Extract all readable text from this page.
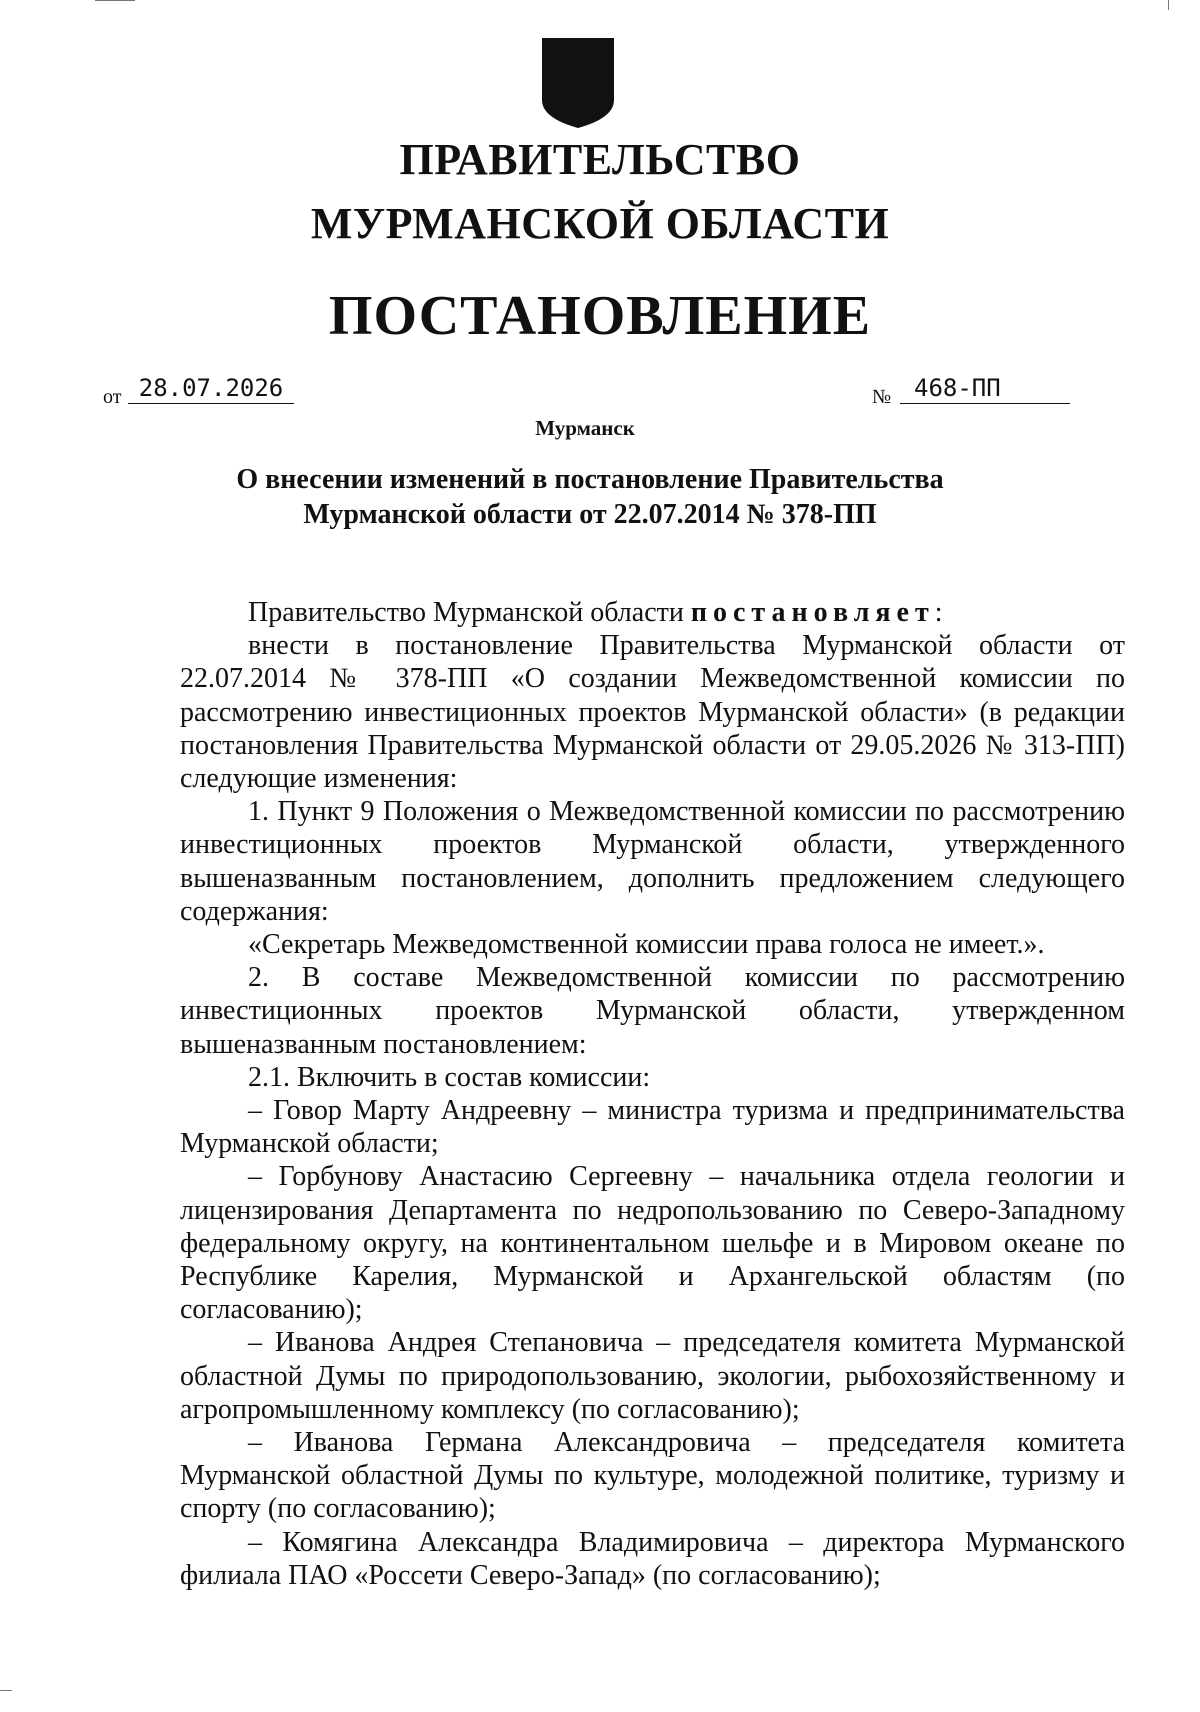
ПРАВИТЕЛЬСТВО
МУРМАНСКОЙ ОБЛАСТИ
ПОСТАНОВЛЕНИЕ
от 28.07.2026	№ 468-ПП
Мурманск
О внесении изменений в постановление Правительства
Мурманской области от 22.07.2014 № 378-ПП

Правительство Мурманской области постановляет:

внести в постановление Правительства Мурманской области от 22.07.2014 № 378-ПП «О создании Межведомственной комиссии по рассмотрению инвестиционных проектов Мурманской области» (в редакции постановления Правительства Мурманской области от 29.05.2026 № 313-ПП) следующие изменения:

1. Пункт 9 Положения о Межведомственной комиссии по рассмотрению инвестиционных проектов Мурманской области, утвержденного вышеназванным постановлением, дополнить предложением следующего содержания:

«Секретарь Межведомственной комиссии права голоса не имеет.».

2. В составе Межведомственной комиссии по рассмотрению инвестиционных проектов Мурманской области, утвержденном вышеназванным постановлением:

2.1. Включить в состав комиссии:

– Говор Марту Андреевну – министра туризма и предпринимательства Мурманской области;

– Горбунову Анастасию Сергеевну – начальника отдела геологии и лицензирования Департамента по недропользованию по Северо-Западному федеральному округу, на континентальном шельфе и в Мировом океане по Республике Карелия, Мурманской и Архангельской областям (по согласованию);

– Иванова Андрея Степановича – председателя комитета Мурманской областной Думы по природопользованию, экологии, рыбохозяйственному и агропромышленному комплексу (по согласованию);

– Иванова Германа Александровича – председателя комитета Мурманской областной Думы по культуре, молодежной политике, туризму и спорту (по согласованию);

– Комягина Александра Владимировича – директора Мурманского филиала ПАО «Россети Северо-Запад» (по согласованию);
